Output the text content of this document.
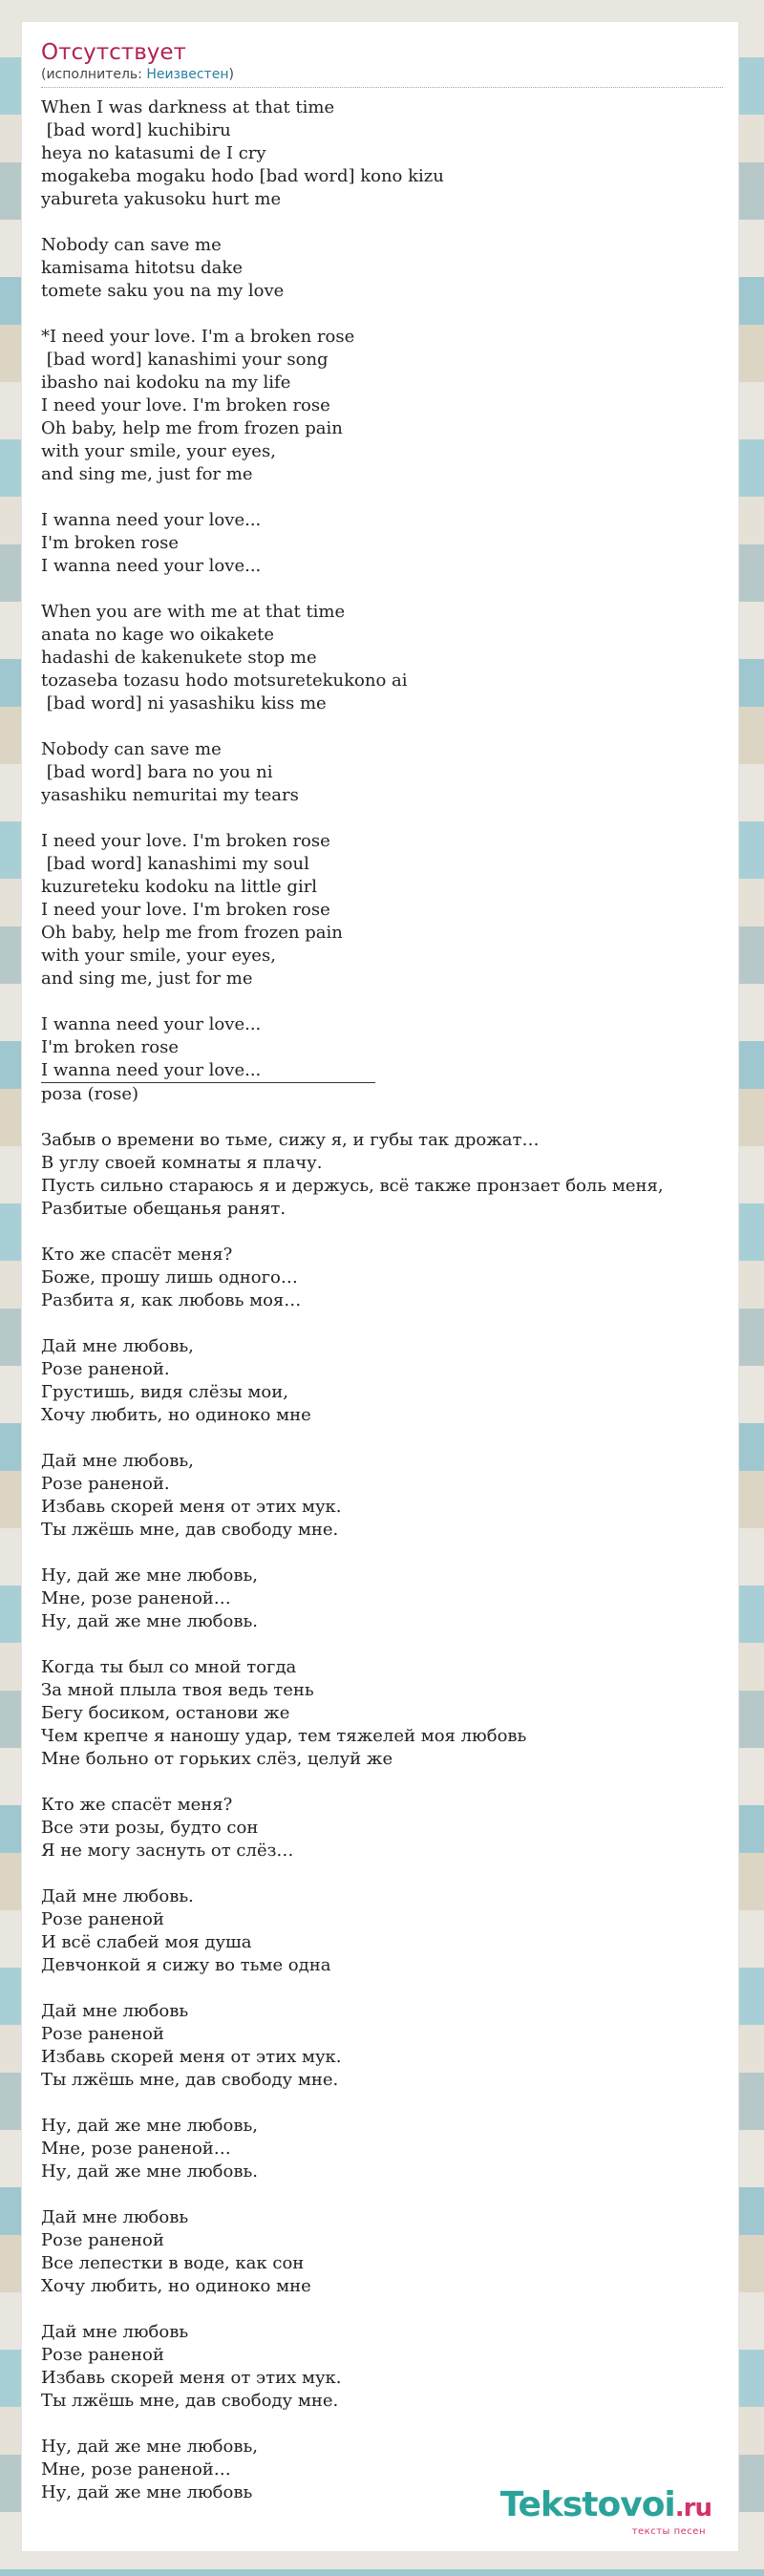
Отсутствует

(исполнитель: Неизвестен)

When I was darkness at that time
[bad word] kuchibiru
heya no katasumi de I cry
mogakeba mogaku hodo [bad word] kono kizu
yabureta yakusoku hurt me

Nobody can save me
kamisama hitotsu dake
tomete saku you na my love

*I need your love. I'm a broken rose
[bad word] kanashimi your song
ibasho nai kodoku na my life
I need your love. I'm broken rose
Oh baby, help me from frozen pain
with your smile, your eyes,
and sing me, just for me

I wanna need your love...
I'm broken rose
I wanna need your love...

When you are with me at that time
anata no kage wo oikakete
hadashi de kakenukete stop me
tozaseba tozasu hodo motsuretekukono ai
[bad word] ni yasashiku kiss me

Nobody can save me
[bad word] bara no you ni
yasashiku nemuritai my tears

I need your love. I'm broken rose
[bad word] kanashimi my soul
kuzureteku kodoku na little girl
I need your love. I'm broken rose
Oh baby, help me from frozen pain
with your smile, your eyes,
and sing me, just for me

I wanna need your love...
I'm broken rose
I wanna need your love...

роза (rose)

Забыв о времени во тьме, сижу я, и губы так дрожат…
В углу своей комнаты я плачу.
Пусть сильно стараюсь я и держусь, всё также пронзает боль меня,
Разбитые обещанья ранят.

Кто же спасёт меня?
Боже, прошу лишь одного…
Разбита я, как любовь моя…

Дай мне любовь,
Розе раненой.
Грустишь, видя слёзы мои,
Хочу любить, но одиноко мне

Дай мне любовь,
Розе раненой.
Избавь скорей меня от этих мук.
Ты лжёшь мне, дав свободу мне.

Ну, дай же мне любовь,
Мне, розе раненой…
Ну, дай же мне любовь.

Когда ты был со мной тогда
За мной плыла твоя ведь тень
Бегу босиком, останови же
Чем крепче я наношу удар, тем тяжелей моя любовь
Мне больно от горьких слёз, целуй же

Кто же спасёт меня?
Все эти розы, будто сон
Я не могу заснуть от слёз…

Дай мне любовь.
Розе раненой
И всё слабей моя душа
Девчонкой я сижу во тьме одна

Дай мне любовь
Розе раненой
Избавь скорей меня от этих мук.
Ты лжёшь мне, дав свободу мне.

Ну, дай же мне любовь,
Мне, розе раненой…
Ну, дай же мне любовь.

Дай мне любовь
Розе раненой
Все лепестки в воде, как сон
Хочу любить, но одиноко мне

Дай мне любовь
Розе раненой
Избавь скорей меня от этих мук.
Ты лжёшь мне, дав свободу мне.

Ну, дай же мне любовь,
Мне, розе раненой…
Ну, дай же мне любовь	Tekstovoi.ru
тексты песен
